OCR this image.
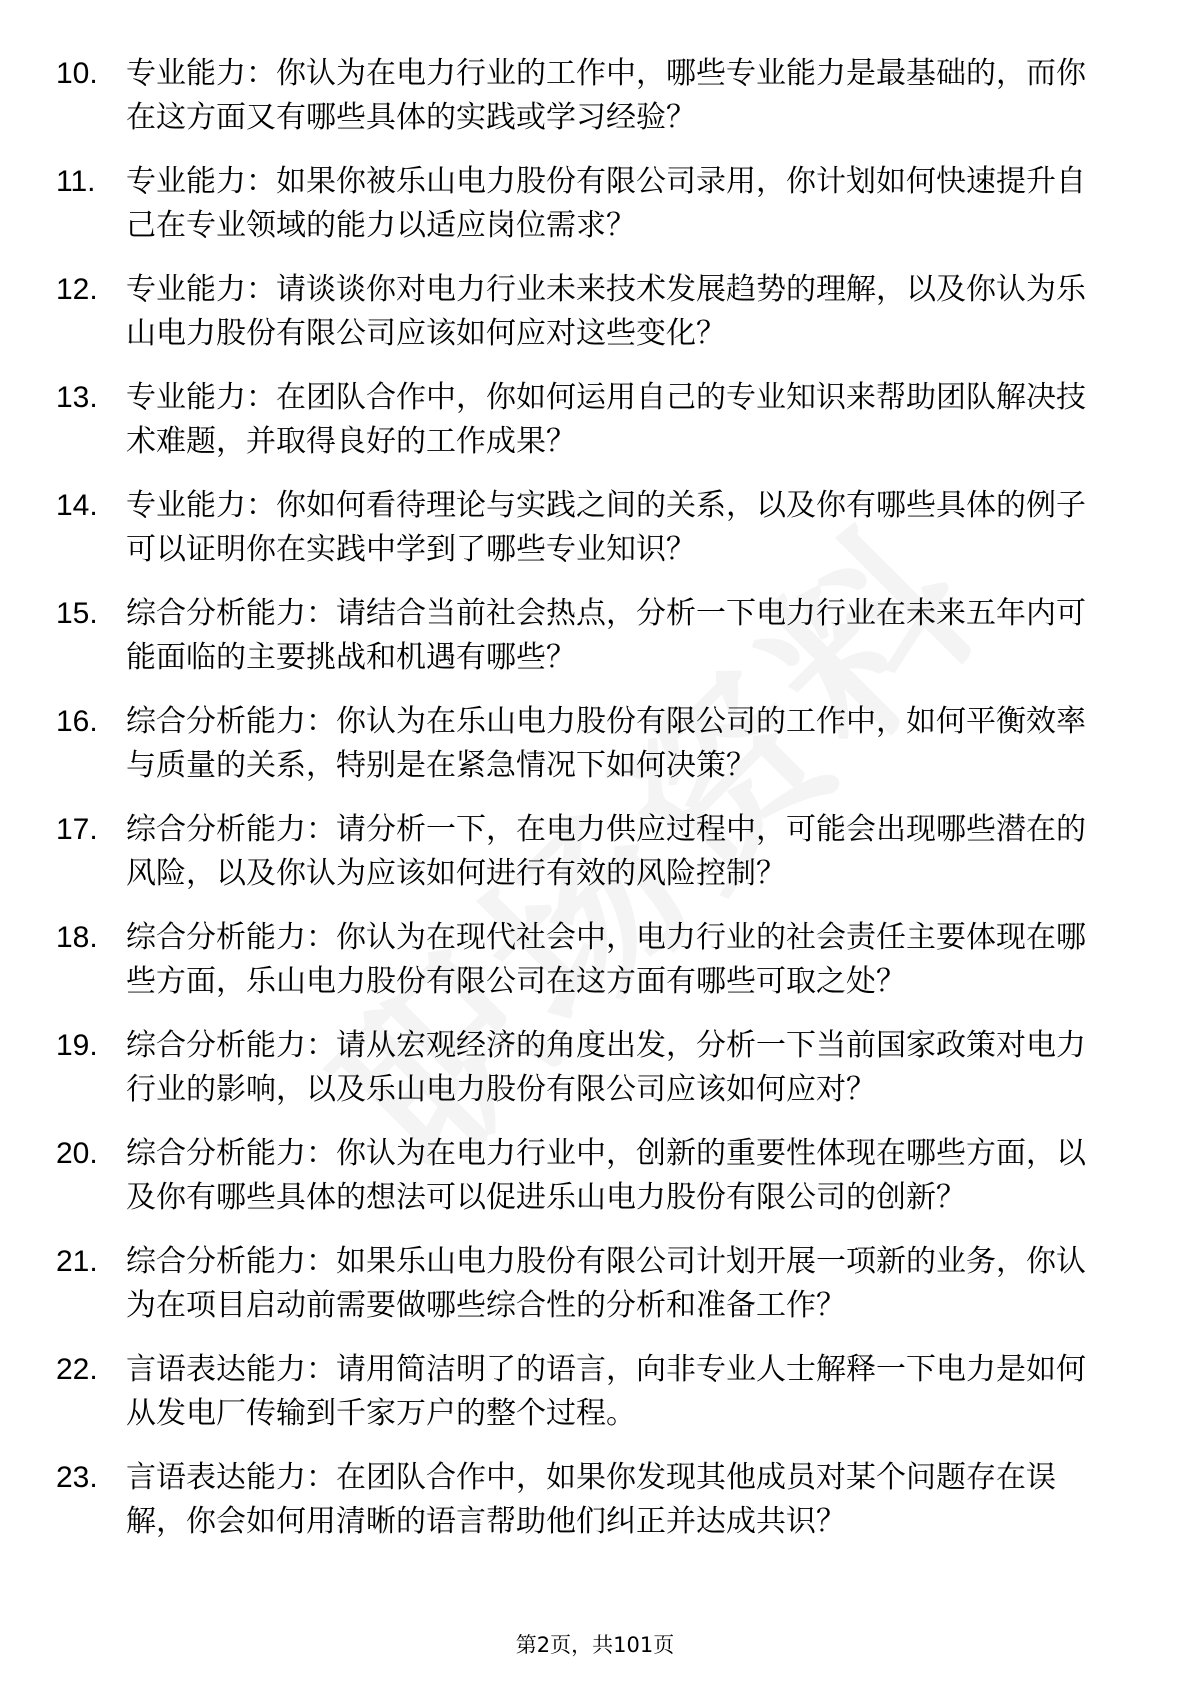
10. 专业能力：你认为在电力行业的工作中，哪些专业能力是最基础的，而你在这方面又有哪些具体的实践或学习经验？
11.	专业能力：如果你被乐山电力股份有限公司录用，你计划如何快速提升自己在专业领域的能力以适应岗位需求？
12. 专业能力：请谈谈你对电力行业未来技术发展趋势的理解，以及你认为乐山电力股份有限公司应该如何应对这些变化？
13. 专业能力：在团队合作中，你如何运用自己的专业知识来帮助团队解决技术难题，并取得良好的工作成果？
14. 专业能力：你如何看待理论与实践之间的关系，以及你有哪些具体的例子可以证明你在实践中学到了哪些专业知识？
15. 综合分析能力：请结合当前社会热点，分析一下电力行业在未来五年内可能面临的主要挑战和机遇有哪些？
16. 综合分析能力：你认为在乐山电力股份有限公司的工作中，如何平衡效率与质量的关系，特别是在紧急情况下如何决策？
17. 综合分析能力：请分析一下，在电力供应过程中，可能会出现哪些潜在的风险，以及你认为应该如何进行有效的风险控制？
18. 综合分析能力：你认为在现代社会中，电力行业的社会责任主要体现在哪些方面，乐山电力股份有限公司在这方面有哪些可取之处？
19. 综合分析能力：请从宏观经济的角度出发，分析一下当前国家政策对电力行业的影响，以及乐山电力股份有限公司应该如何应对？
20. 综合分析能力：你认为在电力行业中，创新的重要性体现在哪些方面，以及你有哪些具体的想法可以促进乐山电力股份有限公司的创新？
21. 综合分析能力：如果乐山电力股份有限公司计划开展一项新的业务，你认为在项目启动前需要做哪些综合性的分析和准备工作？
22. 言语表达能力：请用简洁明了的语言，向非专业人士解释一下电力是如何从发电厂传输到千家万户的整个过程。
23. 言语表达能力：在团队合作中，如果你发现其他成员对某个问题存在误解，你会如何用清晰的语言帮助他们纠正并达成共识？
第2页，共101页
